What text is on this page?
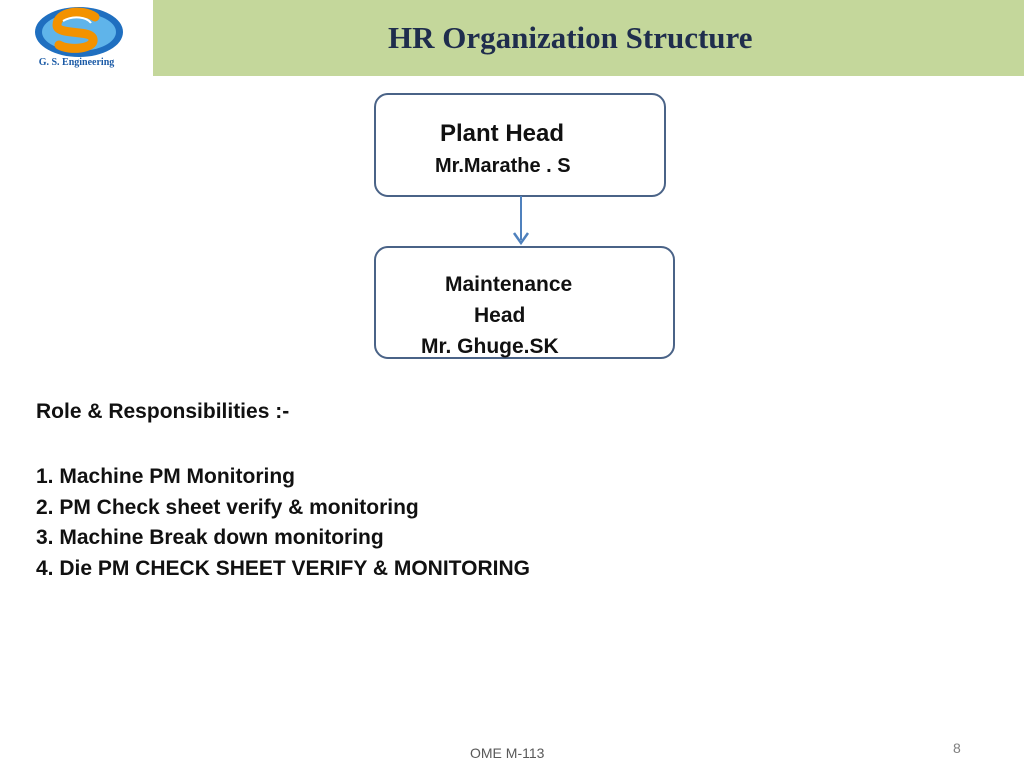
G. S. Engineering
HR Organization Structure
Plant Head
Mr.Marathe . S
Maintenance
Head
Mr. Ghuge.SK
Role & Responsibilities :-
1. Machine PM Monitoring
2. PM Check sheet verify & monitoring
3. Machine Break down monitoring
4. Die PM CHECK SHEET VERIFY & MONITORING
OME M-113	8
